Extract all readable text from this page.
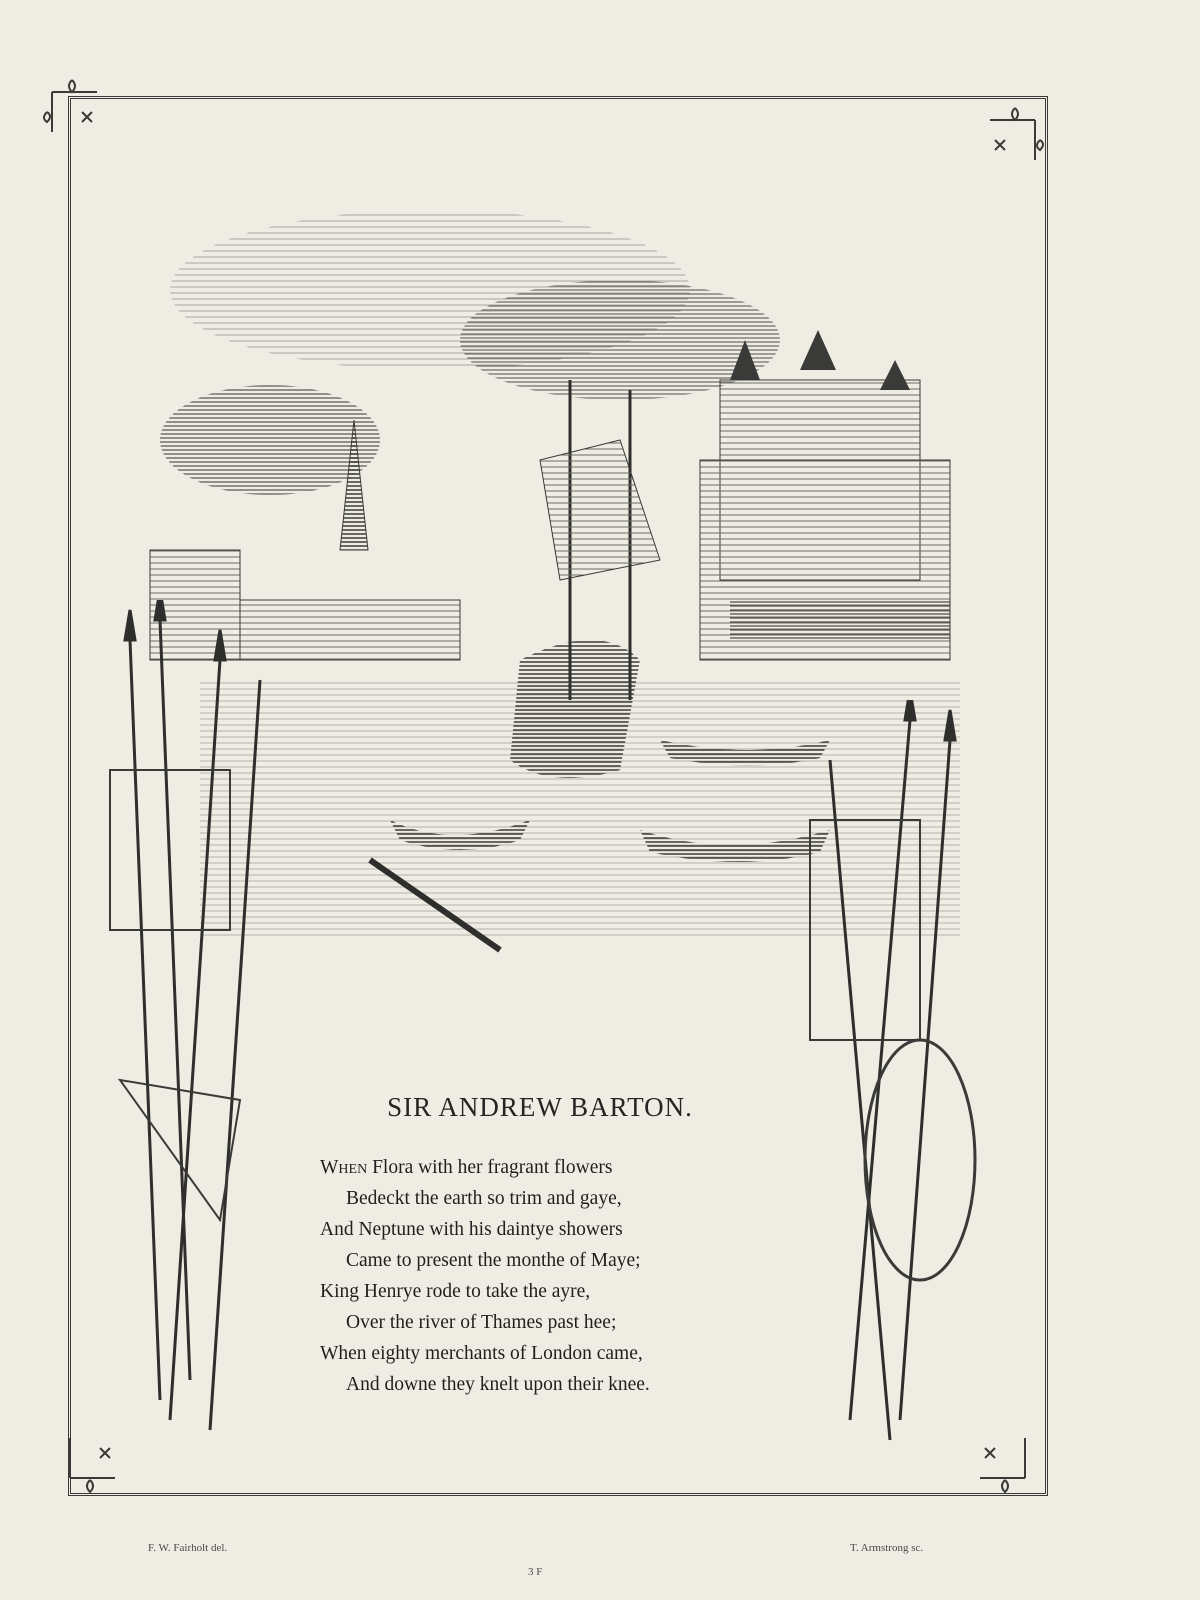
SIR ANDREW BARTON.
When Flora with her fragrant flowers
Bedeckt the earth so trim and gaye,
And Neptune with his daintye showers
Came to present the monthe of Maye;
King Henrye rode to take the ayre,
Over the river of Thames past hee;
When eighty merchants of London came,
And downe they knelt upon their knee.
F. W. Fairholt del.	T. Armstrong sc.
3 F
